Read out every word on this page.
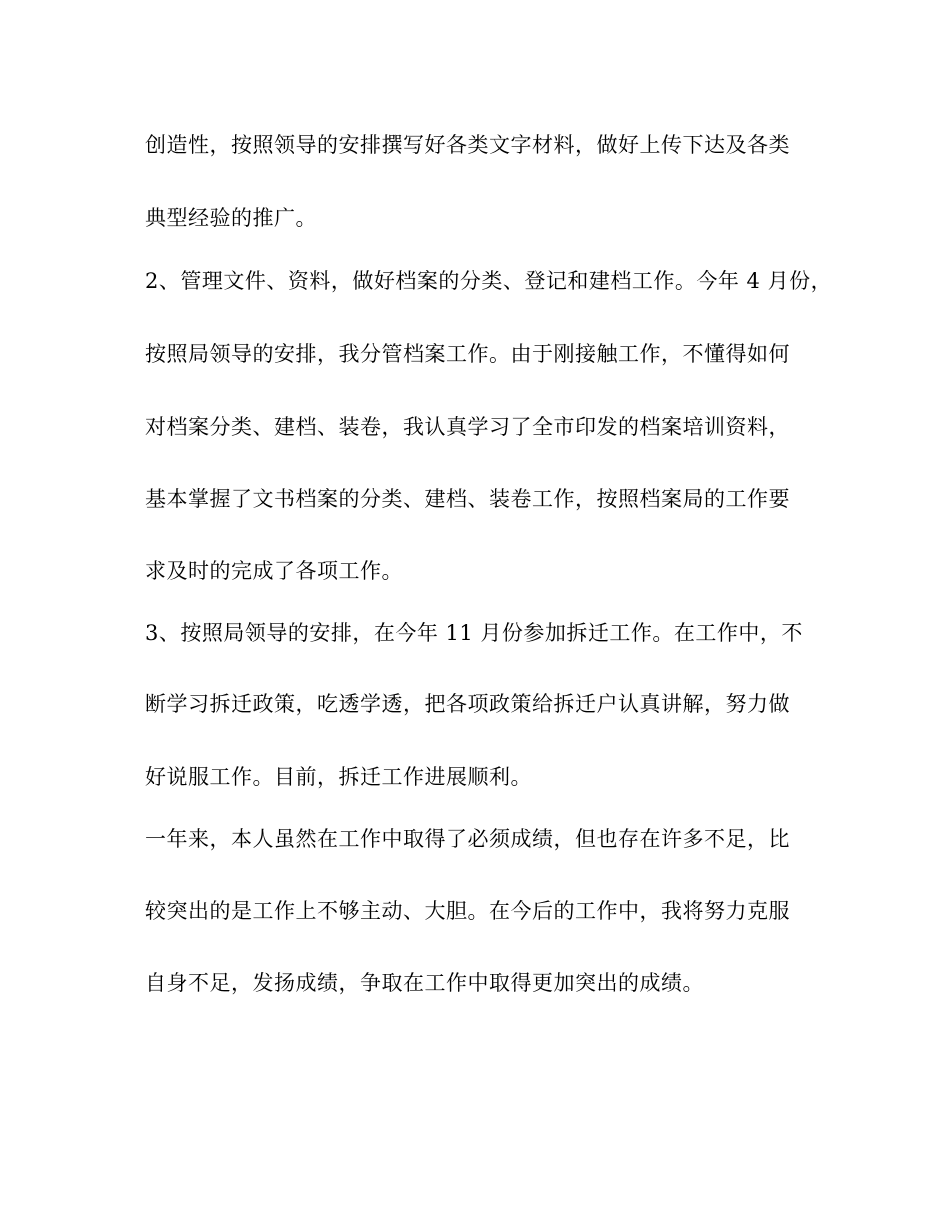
创造性，按照领导的安排撰写好各类文字材料，做好上传下达及各类
典型经验的推广。
2、管理文件、资料，做好档案的分类、登记和建档工作。今年 4 月份，
按照局领导的安排，我分管档案工作。由于刚接触工作，不懂得如何
对档案分类、建档、装卷，我认真学习了全市印发的档案培训资料，
基本掌握了文书档案的分类、建档、装卷工作，按照档案局的工作要
求及时的完成了各项工作。
3、按照局领导的安排，在今年 11 月份参加拆迁工作。在工作中，不
断学习拆迁政策，吃透学透，把各项政策给拆迁户认真讲解，努力做
好说服工作。目前，拆迁工作进展顺利。
一年来，本人虽然在工作中取得了必须成绩，但也存在许多不足，比
较突出的是工作上不够主动、大胆。在今后的工作中，我将努力克服
自身不足，发扬成绩，争取在工作中取得更加突出的成绩。
